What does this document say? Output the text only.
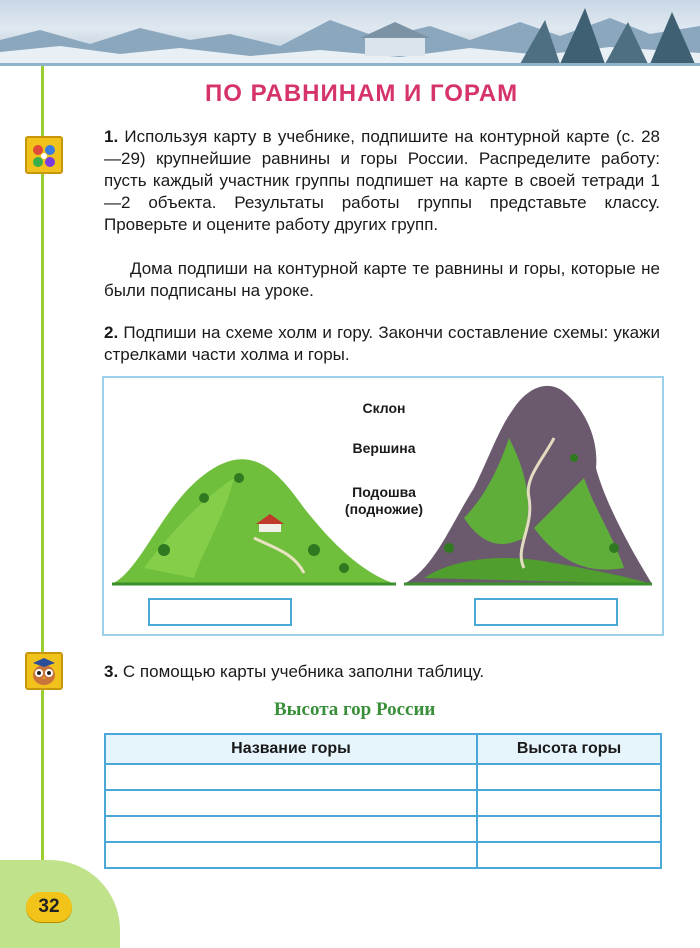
ПО РАВНИНАМ И ГОРАМ
1. Используя карту в учебнике, подпишите на контурной карте (с. 28—29) крупнейшие равнины и горы России. Распределите работу: пусть каждый участник группы подпишет на карте в своей тетради 1—2 объекта. Результаты работы группы представьте классу. Проверьте и оцените работу других групп.
Дома подпиши на контурной карте те равнины и горы, которые не были подписаны на уроке.
2. Подпиши на схеме холм и гору. Закончи составление схемы: укажи стрелками части холма и горы.
Склон
Вершина
Подошва
(подножие)
3. С помощью карты учебника заполни таблицу.
Высота гор России
Название горы	Высота горы

32
